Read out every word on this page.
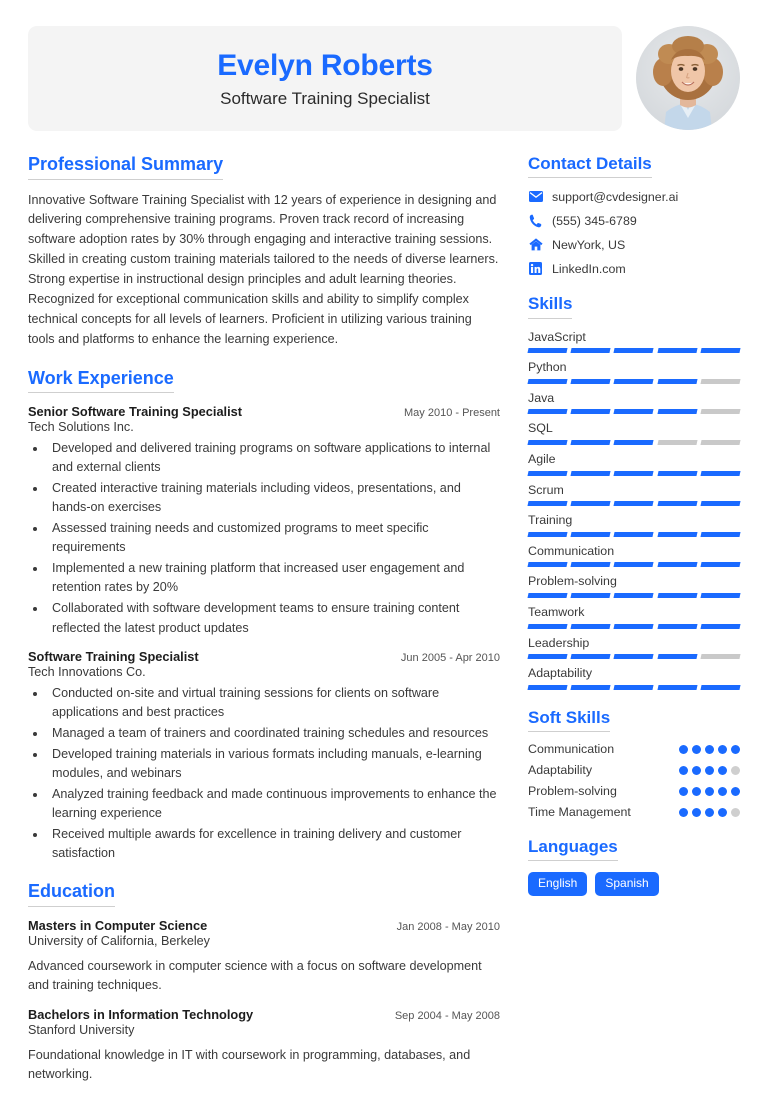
Evelyn Roberts
Software Training Specialist
Professional Summary

Innovative Software Training Specialist with 12 years of experience in designing and delivering comprehensive training programs. Proven track record of increasing software adoption rates by 30% through engaging and interactive training sessions. Skilled in creating custom training materials tailored to the needs of diverse learners. Strong expertise in instructional design principles and adult learning theories. Recognized for exceptional communication skills and ability to simplify complex technical concepts for all levels of learners. Proficient in utilizing various training tools and platforms to enhance the learning experience.

Work Experience
Senior Software Training Specialist	May 2010 - Present
Tech Solutions Inc.
• Developed and delivered training programs on software applications to internal and external clients
• Created interactive training materials including videos, presentations, and hands-on exercises
• Assessed training needs and customized programs to meet specific requirements
• Implemented a new training platform that increased user engagement and retention rates by 20%
• Collaborated with software development teams to ensure training content reflected the latest product updates
Software Training Specialist	Jun 2005 - Apr 2010
Tech Innovations Co.
• Conducted on-site and virtual training sessions for clients on software applications and best practices
• Managed a team of trainers and coordinated training schedules and resources
• Developed training materials in various formats including manuals, e-learning modules, and webinars
• Analyzed training feedback and made continuous improvements to enhance the learning experience
• Received multiple awards for excellence in training delivery and customer satisfaction
Education
Masters in Computer Science	Jan 2008 - May 2010
University of California, Berkeley
Advanced coursework in computer science with a focus on software development and training techniques.
Bachelors in Information Technology	Sep 2004 - May 2008
Stanford University
Foundational knowledge in IT with coursework in programming, databases, and networking.
Contact Details
support@cvdesigner.ai
(555) 345-6789
NewYork, US
LinkedIn.com
Skills
JavaScript
Python
Java
SQL
Agile
Scrum
Training
Communication
Problem-solving
Teamwork
Leadership
Adaptability
Soft Skills
Communication
Adaptability
Problem-solving
Time Management
Languages
English	Spanish
